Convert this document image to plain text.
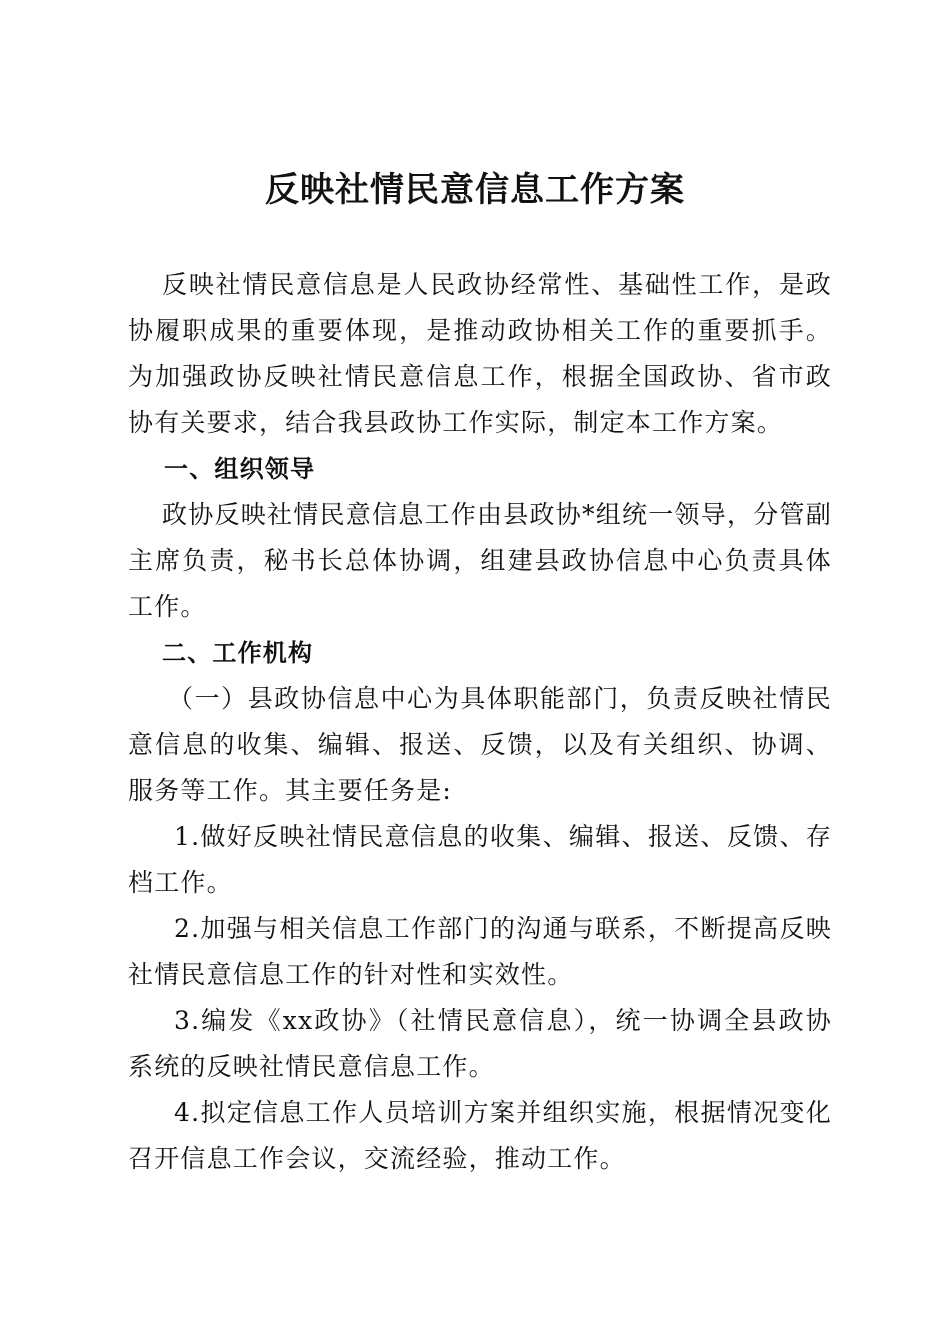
反映社情民意信息工作方案

反映社情民意信息是人民政协经常性、基础性工作，是政协履职成果的重要体现，是推动政协相关工作的重要抓手。为加强政协反映社情民意信息工作，根据全国政协、省市政协有关要求，结合我县政协工作实际，制定本工作方案。

一、组织领导

政协反映社情民意信息工作由县政协*组统一领导，分管副主席负责，秘书长总体协调，组建县政协信息中心负责具体工作。

二、工作机构

（一）县政协信息中心为具体职能部门，负责反映社情民意信息的收集、编辑、报送、反馈，以及有关组织、协调、服务等工作。其主要任务是:

1.做好反映社情民意信息的收集、编辑、报送、反馈、存档工作。

2.加强与相关信息工作部门的沟通与联系，不断提高反映社情民意信息工作的针对性和实效性。

3.编发《xx政协》（社情民意信息），统一协调全县政协系统的反映社情民意信息工作。

4.拟定信息工作人员培训方案并组织实施，根据情况变化召开信息工作会议，交流经验，推动工作。
